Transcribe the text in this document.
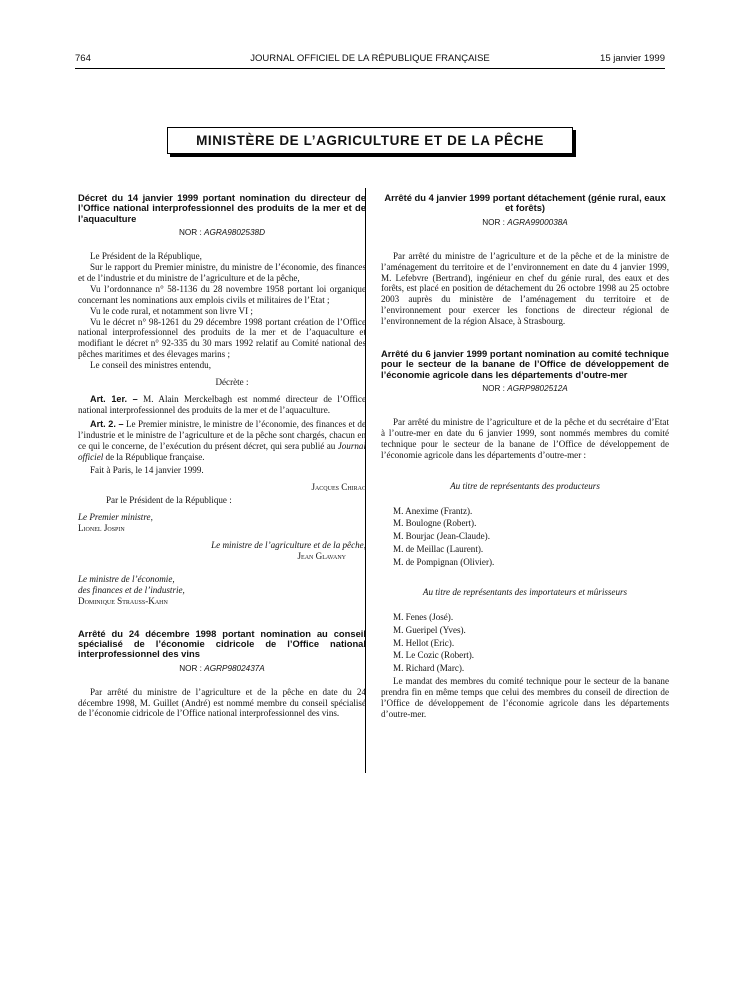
764	JOURNAL OFFICIEL DE LA RÉPUBLIQUE FRANÇAISE	15 janvier 1999
MINISTÈRE DE L’AGRICULTURE ET DE LA PÊCHE
Décret du 14 janvier 1999 portant nomination du directeur de l’Office national interprofessionnel des produits de la mer et de l’aquaculture
NOR : AGRA9802538D

Le Président de la République,

Sur le rapport du Premier ministre, du ministre de l’économie, des finances et de l’industrie et du ministre de l’agriculture et de la pêche,

Vu l’ordonnance n° 58-1136 du 28 novembre 1958 portant loi organique concernant les nominations aux emplois civils et militaires de l’Etat ;

Vu le code rural, et notamment son livre VI ;

Vu le décret n° 98-1261 du 29 décembre 1998 portant création de l’Office national interprofessionnel des produits de la mer et de l’aquaculture et modifiant le décret n° 92-335 du 30 mars 1992 relatif au Comité national des pêches maritimes et des élevages marins ;

Le conseil des ministres entendu,

Décrète :

Art. 1er. – M. Alain Merckelbagh est nommé directeur de l’Office national interprofessionnel des produits de la mer et de l’aquaculture.

Art. 2. – Le Premier ministre, le ministre de l’économie, des finances et de l’industrie et le ministre de l’agriculture et de la pêche sont chargés, chacun en ce qui le concerne, de l’exécution du présent décret, qui sera publié au Journal officiel de la République française.

Fait à Paris, le 14 janvier 1999.

Jacques Chirac

Par le Président de la République :

Le Premier ministre,

Lionel Jospin

Le ministre de l’agriculture et de la pêche,

Jean Glavany

Le ministre de l’économie,

des finances et de l’industrie,

Dominique Strauss-Kahn

Arrêté du 24 décembre 1998 portant nomination au conseil spécialisé de l’économie cidricole de l’Office national interprofessionnel des vins
NOR : AGRP9802437A

Par arrêté du ministre de l’agriculture et de la pêche en date du 24 décembre 1998, M. Guillet (André) est nommé membre du conseil spécialisé de l’économie cidricole de l’Office national interprofessionnel des vins.

Arrêté du 4 janvier 1999 portant détachement (génie rural, eaux et forêts)
NOR : AGRA9900038A

Par arrêté du ministre de l’agriculture et de la pêche et de la ministre de l’aménagement du territoire et de l’environnement en date du 4 janvier 1999, M. Lefebvre (Bertrand), ingénieur en chef du génie rural, des eaux et des forêts, est placé en position de détachement du 26 octobre 1998 au 25 octobre 2003 auprès du ministère de l’aménagement du territoire et de l’environnement pour exercer les fonctions de directeur régional de l’environnement de la région Alsace, à Strasbourg.

Arrêté du 6 janvier 1999 portant nomination au comité technique pour le secteur de la banane de l’Office de développement de l’économie agricole dans les départements d’outre-mer
NOR : AGRP9802512A

Par arrêté du ministre de l’agriculture et de la pêche et du secrétaire d’Etat à l’outre-mer en date du 6 janvier 1999, sont nommés membres du comité technique pour le secteur de la banane de l’Office de développement de l’économie agricole dans les départements d’outre-mer :

Au titre de représentants des producteurs

M. Anexime (Frantz).
M. Boulogne (Robert).
M. Bourjac (Jean-Claude).
M. de Meillac (Laurent).
M. de Pompignan (Olivier).

Au titre de représentants des importateurs et mûrisseurs

M. Fenes (José).
M. Gueripel (Yves).
M. Hellot (Eric).
M. Le Cozic (Robert).
M. Richard (Marc).

Le mandat des membres du comité technique pour le secteur de la banane prendra fin en même temps que celui des membres du conseil de direction de l’Office de développement de l’économie agricole dans les départements d’outre-mer.
